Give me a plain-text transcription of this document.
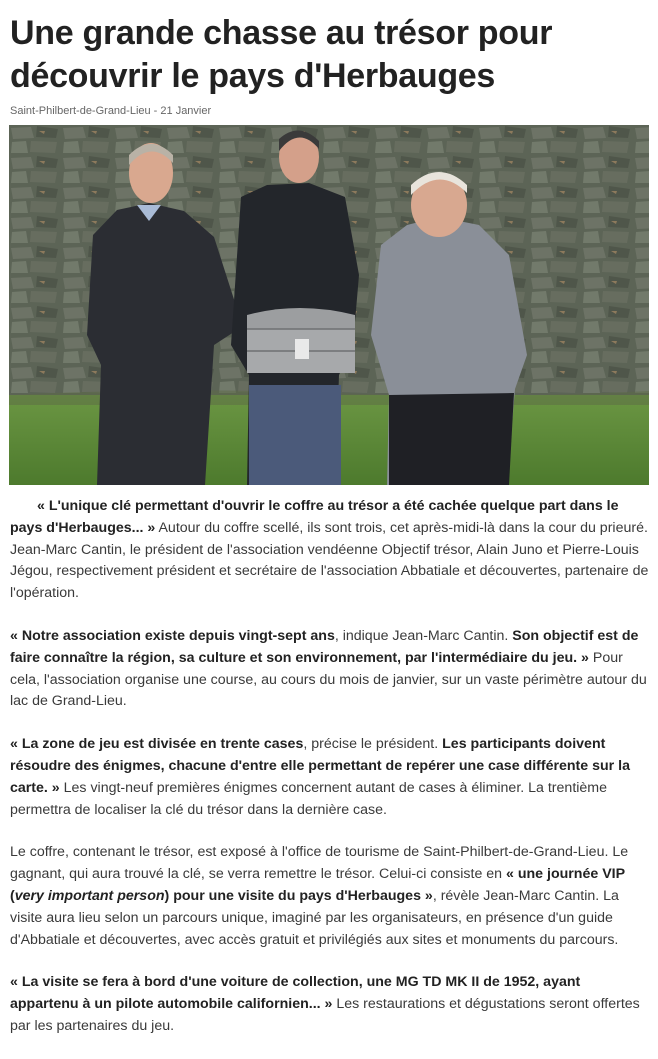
Une grande chasse au trésor pour découvrir le pays d'Herbauges
Saint-Philbert-de-Grand-Lieu - 21 Janvier

« L'unique clé permettant d'ouvrir le coffre au trésor a été cachée quelque part dans le pays d'Herbauges... » Autour du coffre scellé, ils sont trois, cet après-midi-là dans la cour du prieuré. Jean-Marc Cantin, le président de l'association vendéenne Objectif trésor, Alain Juno et Pierre-Louis Jégou, respectivement président et secrétaire de l'association Abbatiale et découvertes, partenaire de l'opération.

« Notre association existe depuis vingt-sept ans, indique Jean-Marc Cantin. Son objectif est de faire connaître la région, sa culture et son environnement, par l'intermédiaire du jeu. » Pour cela, l'association organise une course, au cours du mois de janvier, sur un vaste périmètre autour du lac de Grand-Lieu.

« La zone de jeu est divisée en trente cases, précise le président. Les participants doivent résoudre des énigmes, chacune d'entre elle permettant de repérer une case différente sur la carte. » Les vingt-neuf premières énigmes concernent autant de cases à éliminer. La trentième permettra de localiser la clé du trésor dans la dernière case.

Le coffre, contenant le trésor, est exposé à l'office de tourisme de Saint-Philbert-de-Grand-Lieu. Le gagnant, qui aura trouvé la clé, se verra remettre le trésor. Celui-ci consiste en « une journée VIP (very important person) pour une visite du pays d'Herbauges », révèle Jean-Marc Cantin. La visite aura lieu selon un parcours unique, imaginé par les organisateurs, en présence d'un guide d'Abbatiale et découvertes, avec accès gratuit et privilégiés aux sites et monuments du parcours.

« La visite se fera à bord d'une voiture de collection, une MG TD MK II de 1952, ayant appartenu à un pilote automobile californien... » Les restaurations et dégustations seront offertes par les partenaires du jeu.
